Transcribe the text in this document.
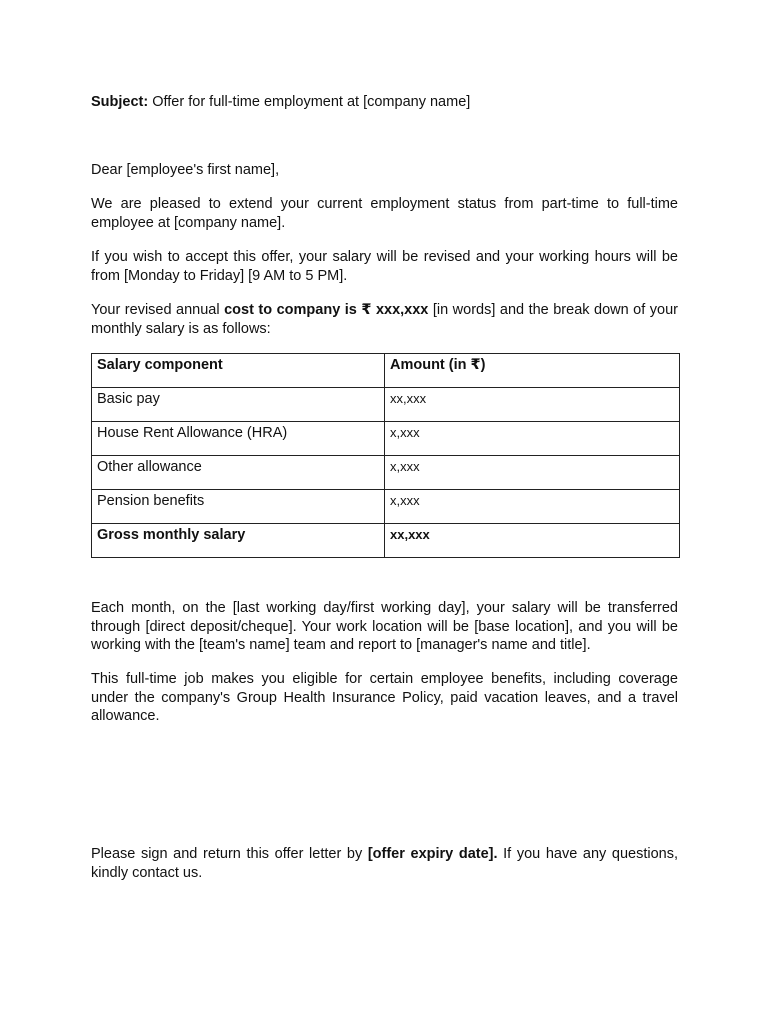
Subject: Offer for full-time employment at [company name]

Dear [employee's first name],

We are pleased to extend your current employment status from part-time to full-time employee at [company name].

If you wish to accept this offer, your salary will be revised and your working hours will be from [Monday to Friday] [9 AM to 5 PM].

Your revised annual cost to company is ₹ xxx,xxx [in words] and the break down of your monthly salary is as follows:

Salary component	Amount (in ₹)
Basic pay	xx,xxx
House Rent Allowance (HRA)	x,xxx
Other allowance	x,xxx
Pension benefits	x,xxx
Gross monthly salary	xx,xxx

Each month, on the [last working day/first working day], your salary will be transferred through [direct deposit/cheque]. Your work location will be [base location], and you will be working with the [team's name] team and report to [manager's name and title].

This full-time job makes you eligible for certain employee benefits, including coverage under the company's Group Health Insurance Policy, paid vacation leaves, and a travel allowance.

Please sign and return this offer letter by [offer expiry date]. If you have any questions, kindly contact us.
